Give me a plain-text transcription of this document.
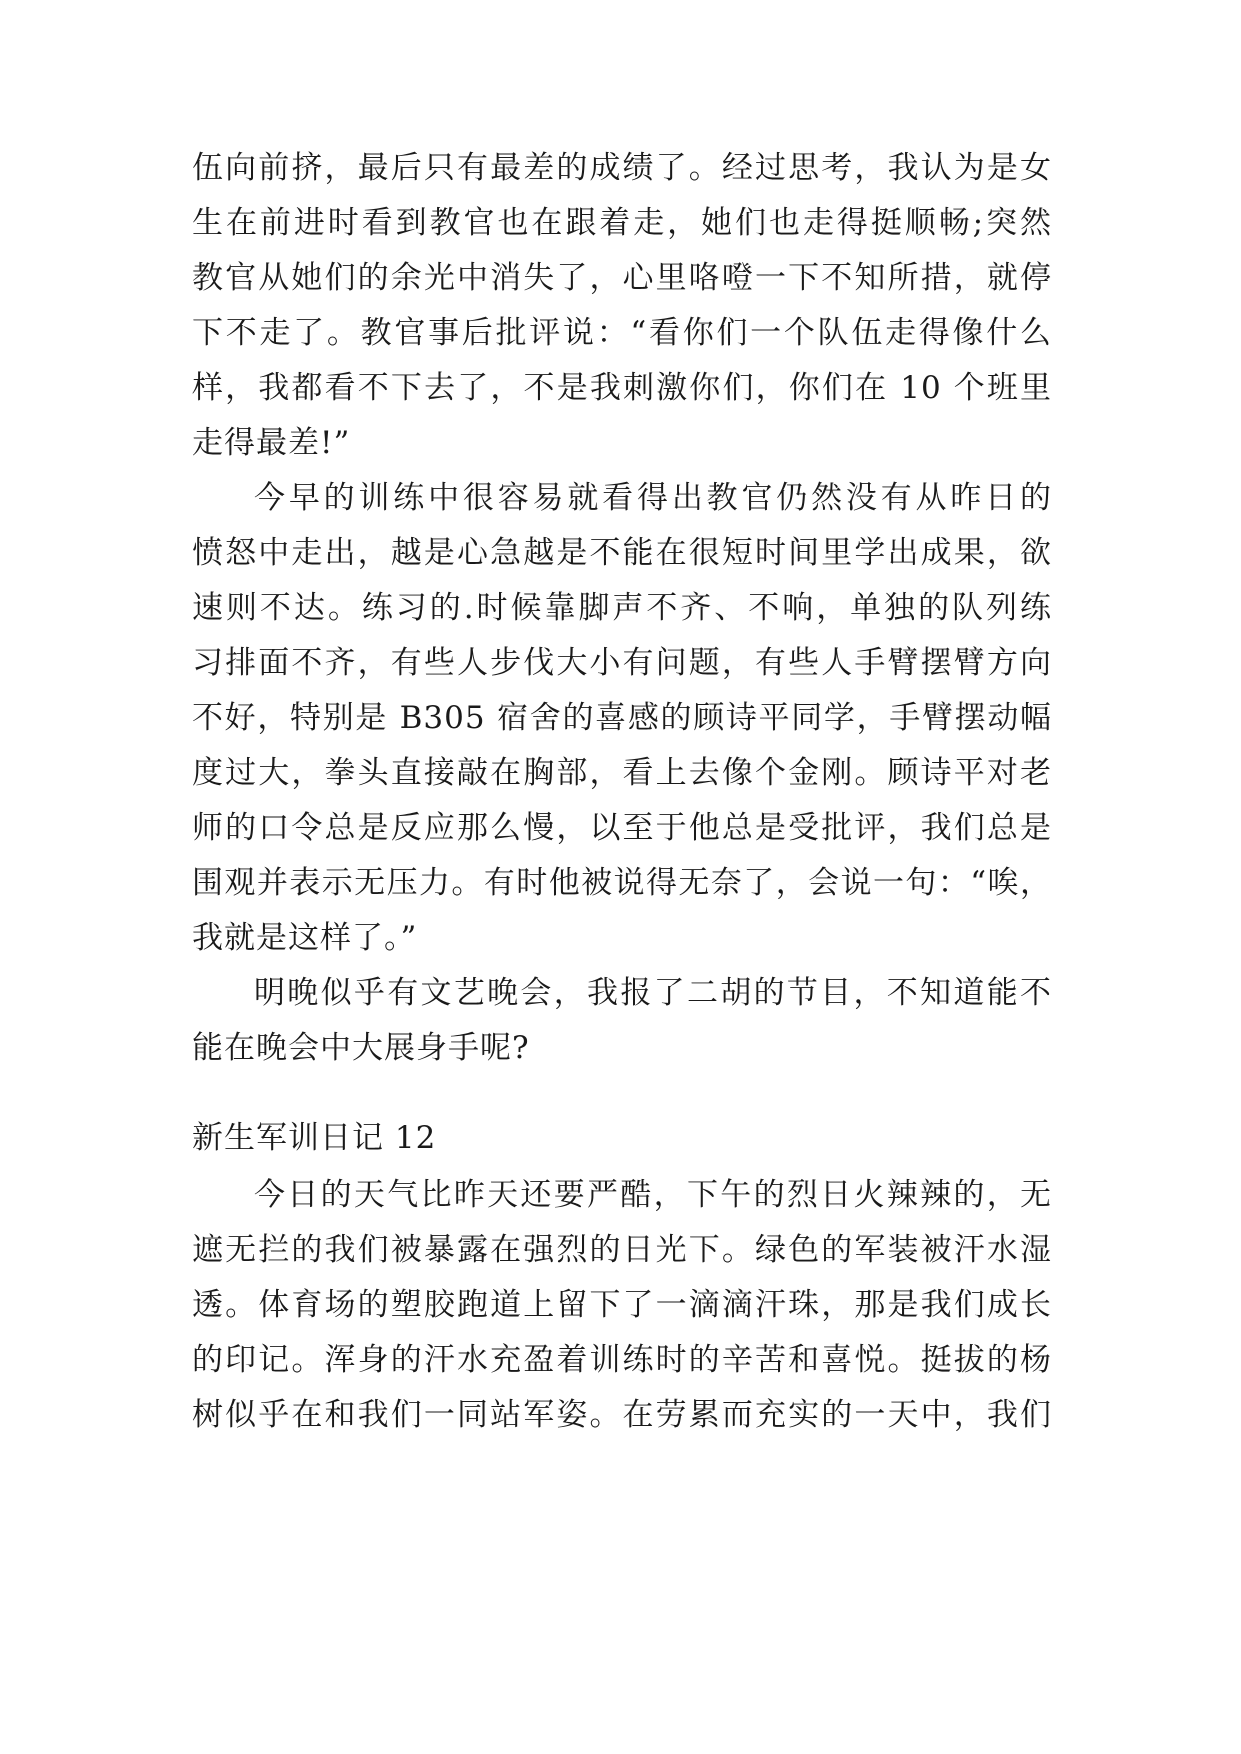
伍向前挤，最后只有最差的成绩了。经过思考，我认为是女
生在前进时看到教官也在跟着走，她们也走得挺顺畅;突然
教官从她们的余光中消失了，心里咯噔一下不知所措，就停
下不走了。教官事后批评说：“看你们一个队伍走得像什么
样，我都看不下去了，不是我刺激你们，你们在 10 个班里
走得最差!”
今早的训练中很容易就看得出教官仍然没有从昨日的
愤怒中走出，越是心急越是不能在很短时间里学出成果，欲
速则不达。练习的.时候靠脚声不齐、不响，单独的队列练
习排面不齐，有些人步伐大小有问题，有些人手臂摆臂方向
不好，特别是 B305 宿舍的喜感的顾诗平同学，手臂摆动幅
度过大，拳头直接敲在胸部，看上去像个金刚。顾诗平对老
师的口令总是反应那么慢，以至于他总是受批评，我们总是
围观并表示无压力。有时他被说得无奈了，会说一句：“唉，
我就是这样了。”
明晚似乎有文艺晚会，我报了二胡的节目，不知道能不
能在晚会中大展身手呢?
新生军训日记 12
今日的天气比昨天还要严酷，下午的烈日火辣辣的，无
遮无拦的我们被暴露在强烈的日光下。绿色的军装被汗水湿
透。体育场的塑胶跑道上留下了一滴滴汗珠，那是我们成长
的印记。浑身的汗水充盈着训练时的辛苦和喜悦。挺拔的杨
树似乎在和我们一同站军姿。在劳累而充实的一天中，我们
